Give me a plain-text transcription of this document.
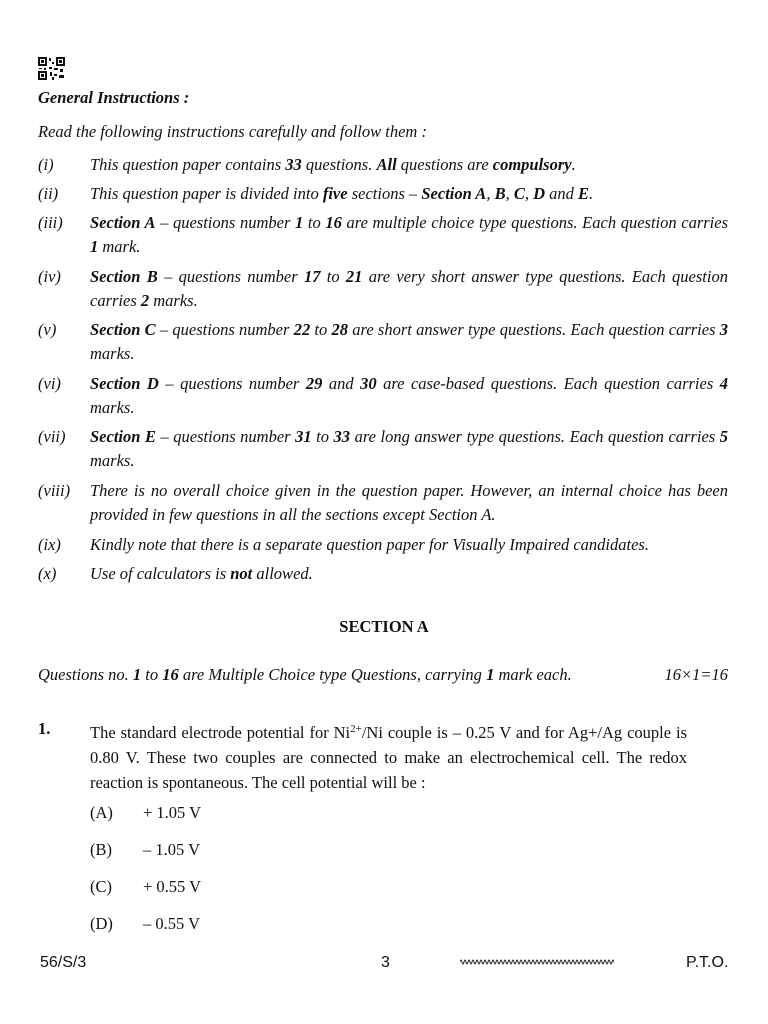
General Instructions :
Read the following instructions carefully and follow them :
(i) This question paper contains 33 questions. All questions are compulsory.
(ii) This question paper is divided into five sections – Section A, B, C, D and E.
(iii) Section A – questions number 1 to 16 are multiple choice type questions. Each question carries 1 mark.
(iv) Section B – questions number 17 to 21 are very short answer type questions. Each question carries 2 marks.
(v) Section C – questions number 22 to 28 are short answer type questions. Each question carries 3 marks.
(vi) Section D – questions number 29 and 30 are case-based questions. Each question carries 4 marks.
(vii) Section E – questions number 31 to 33 are long answer type questions. Each question carries 5 marks.
(viii) There is no overall choice given in the question paper. However, an internal choice has been provided in few questions in all the sections except Section A.
(ix) Kindly note that there is a separate question paper for Visually Impaired candidates.
(x) Use of calculators is not allowed.
SECTION A
Questions no. 1 to 16 are Multiple Choice type Questions, carrying 1 mark each.	16×1=16
1. The standard electrode potential for $Ni^{2+}/Ni$ couple is – 0.25 V and for Ag+/Ag couple is 0.80 V. These two couples are connected to make an electrochemical cell. The redox reaction is spontaneous. The cell potential will be :
(A) + 1.05 V
(B) – 1.05 V
(C) + 0.55 V
(D) – 0.55 V
56/S/3	3	P.T.O.
